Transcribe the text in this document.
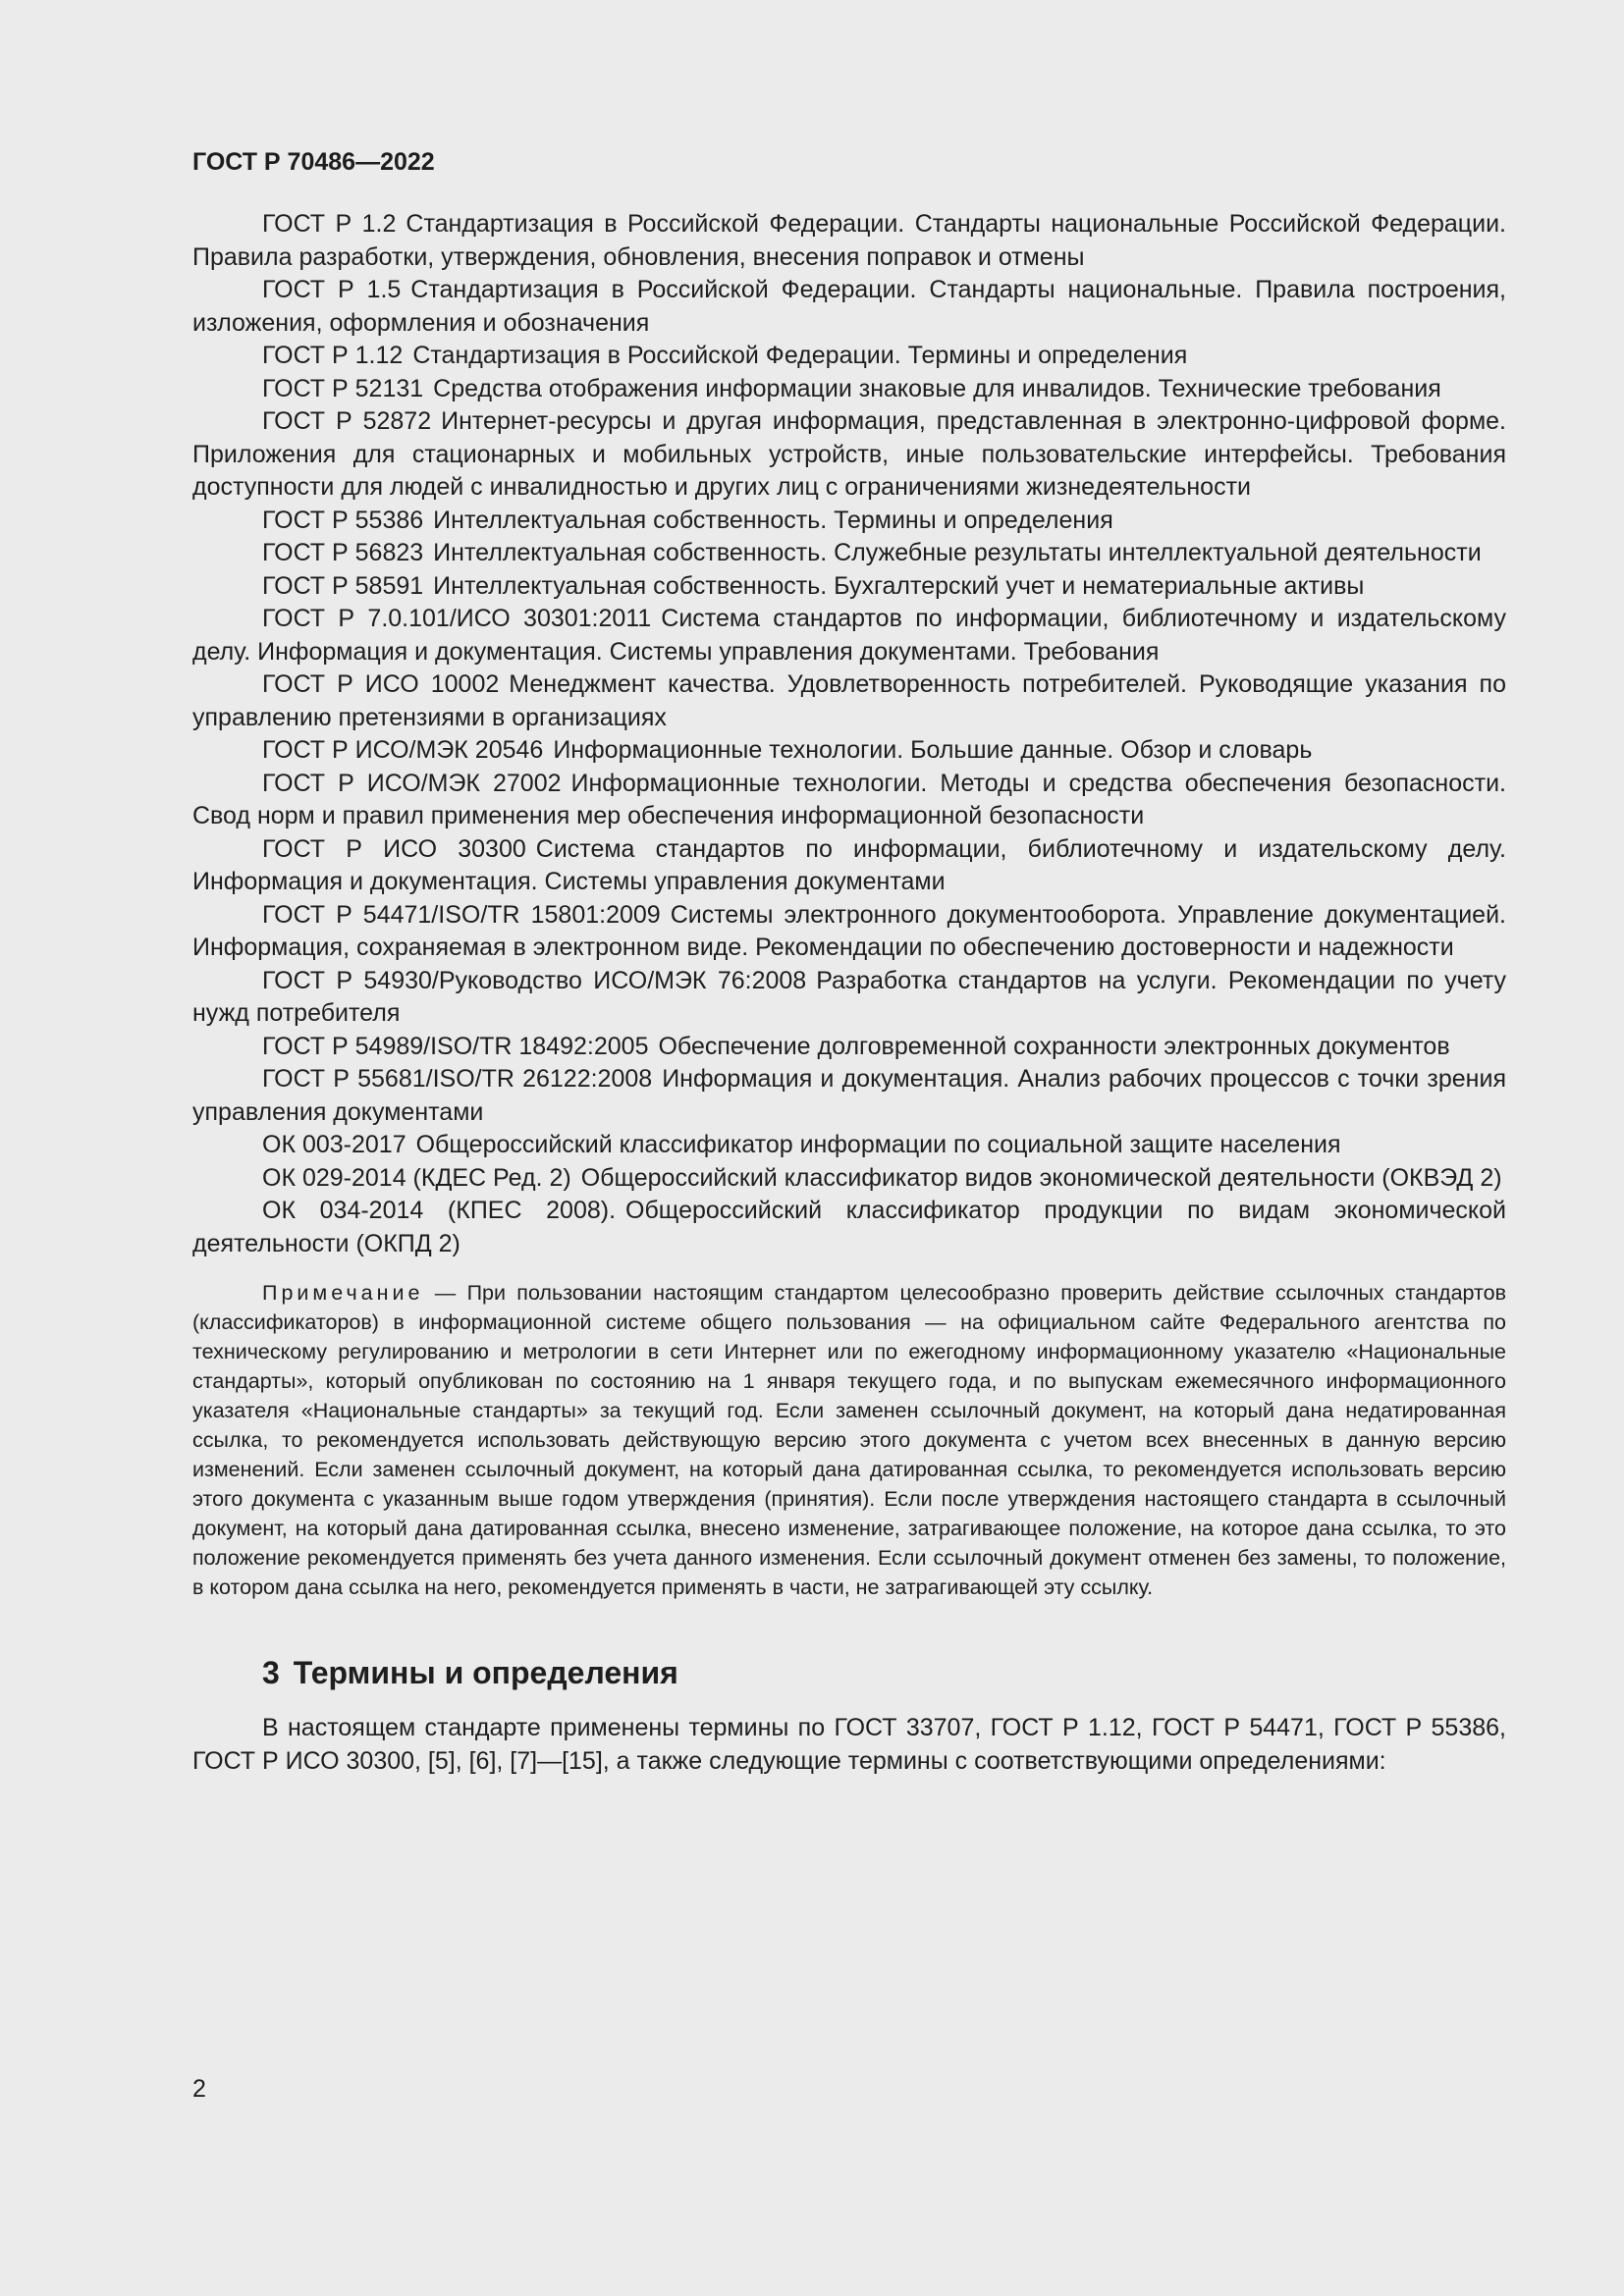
ГОСТ Р 70486—2022

ГОСТ Р 1.2 Стандартизация в Российской Федерации. Стандарты национальные Российской Федерации. Правила разработки, утверждения, обновления, внесения поправок и отмены

ГОСТ Р 1.5 Стандартизация в Российской Федерации. Стандарты национальные. Правила построения, изложения, оформления и обозначения

ГОСТ Р 1.12 Стандартизация в Российской Федерации. Термины и определения

ГОСТ Р 52131 Средства отображения информации знаковые для инвалидов. Технические требования

ГОСТ Р 52872 Интернет-ресурсы и другая информация, представленная в электронно-цифровой форме. Приложения для стационарных и мобильных устройств, иные пользовательские интерфейсы. Требования доступности для людей с инвалидностью и других лиц с ограничениями жизнедеятельности

ГОСТ Р 55386 Интеллектуальная собственность. Термины и определения

ГОСТ Р 56823 Интеллектуальная собственность. Служебные результаты интеллектуальной деятельности

ГОСТ Р 58591 Интеллектуальная собственность. Бухгалтерский учет и нематериальные активы

ГОСТ Р 7.0.101/ИСО 30301:2011 Система стандартов по информации, библиотечному и издательскому делу. Информация и документация. Системы управления документами. Требования

ГОСТ Р ИСО 10002 Менеджмент качества. Удовлетворенность потребителей. Руководящие указания по управлению претензиями в организациях

ГОСТ Р ИСО/МЭК 20546 Информационные технологии. Большие данные. Обзор и словарь

ГОСТ Р ИСО/МЭК 27002 Информационные технологии. Методы и средства обеспечения безопасности. Свод норм и правил применения мер обеспечения информационной безопасности

ГОСТ Р ИСО 30300 Система стандартов по информации, библиотечному и издательскому делу. Информация и документация. Системы управления документами

ГОСТ Р 54471/ISO/TR 15801:2009 Системы электронного документооборота. Управление документацией. Информация, сохраняемая в электронном виде. Рекомендации по обеспечению достоверности и надежности

ГОСТ Р 54930/Руководство ИСО/МЭК 76:2008 Разработка стандартов на услуги. Рекомендации по учету нужд потребителя

ГОСТ Р 54989/ISO/TR 18492:2005 Обеспечение долговременной сохранности электронных документов

ГОСТ Р 55681/ISO/TR 26122:2008 Информация и документация. Анализ рабочих процессов с точки зрения управления документами

ОК 003-2017 Общероссийский классификатор информации по социальной защите населения

ОК 029-2014 (КДЕС Ред. 2) Общероссийский классификатор видов экономической деятельности (ОКВЭД 2)

ОК 034-2014 (КПЕС 2008). Общероссийский классификатор продукции по видам экономической деятельности (ОКПД 2)

Примечание — При пользовании настоящим стандартом целесообразно проверить действие ссылочных стандартов (классификаторов) в информационной системе общего пользования — на официальном сайте Федерального агентства по техническому регулированию и метрологии в сети Интернет или по ежегодному информационному указателю «Национальные стандарты», который опубликован по состоянию на 1 января текущего года, и по выпускам ежемесячного информационного указателя «Национальные стандарты» за текущий год. Если заменен ссылочный документ, на который дана недатированная ссылка, то рекомендуется использовать действующую версию этого документа с учетом всех внесенных в данную версию изменений. Если заменен ссылочный документ, на который дана датированная ссылка, то рекомендуется использовать версию этого документа с указанным выше годом утверждения (принятия). Если после утверждения настоящего стандарта в ссылочный документ, на который дана датированная ссылка, внесено изменение, затрагивающее положение, на которое дана ссылка, то это положение рекомендуется применять без учета данного изменения. Если ссылочный документ отменен без замены, то положение, в котором дана ссылка на него, рекомендуется применять в части, не затрагивающей эту ссылку.

3 Термины и определения

В настоящем стандарте применены термины по ГОСТ 33707, ГОСТ Р 1.12, ГОСТ Р 54471, ГОСТ Р 55386, ГОСТ Р ИСО 30300, [5], [6], [7]—[15], а также следующие термины с соответствующими определениями:

2
